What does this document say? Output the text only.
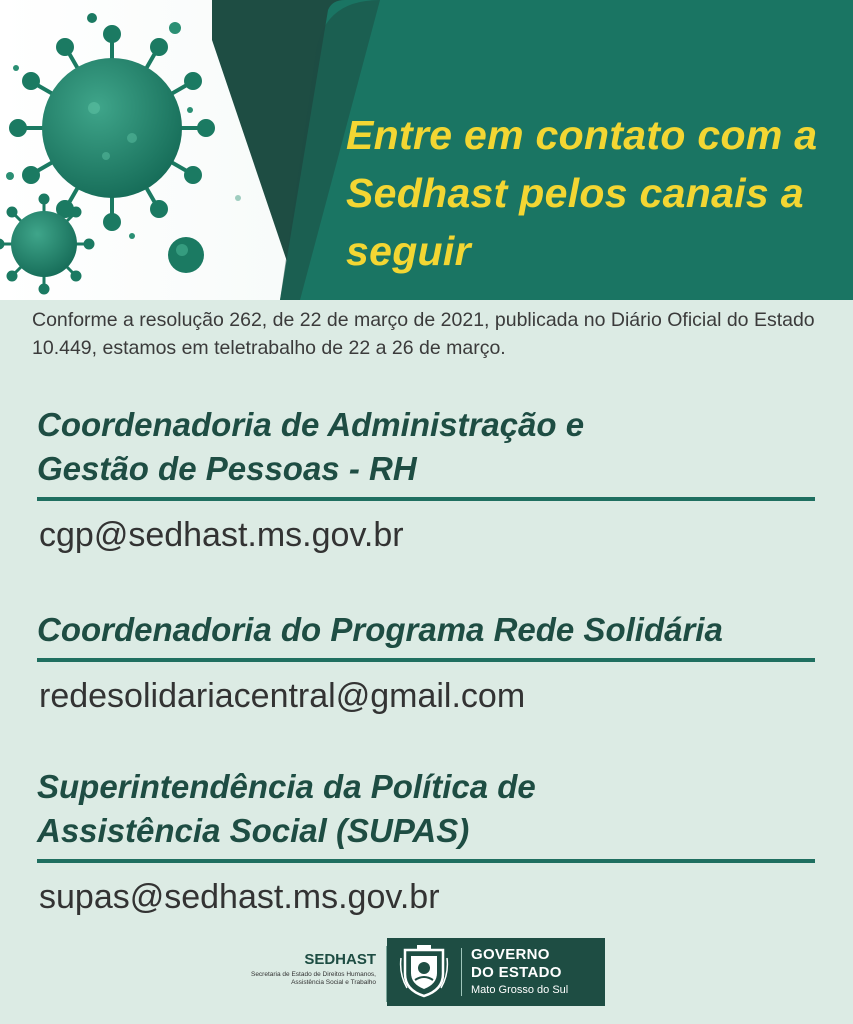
Entre em contato com a Sedhast pelos canais a seguir

Conforme a resolução 262, de 22 de março de 2021, publicada no Diário Oficial do Estado 10.449, estamos em teletrabalho de 22 a 26 de março.

Coordenadoria de Administração e
Gestão de Pessoas - RH
cgp@sedhast.ms.gov.br
Coordenadoria do Programa Rede Solidária
redesolidariacentral@gmail.com
Superintendência da Política de
Assistência Social (SUPAS)
supas@sedhast.ms.gov.br
SEDHAST
Secretaria de Estado de Direitos Humanos,
Assistência Social e Trabalho
GOVERNO
DO ESTADO
Mato Grosso do Sul
